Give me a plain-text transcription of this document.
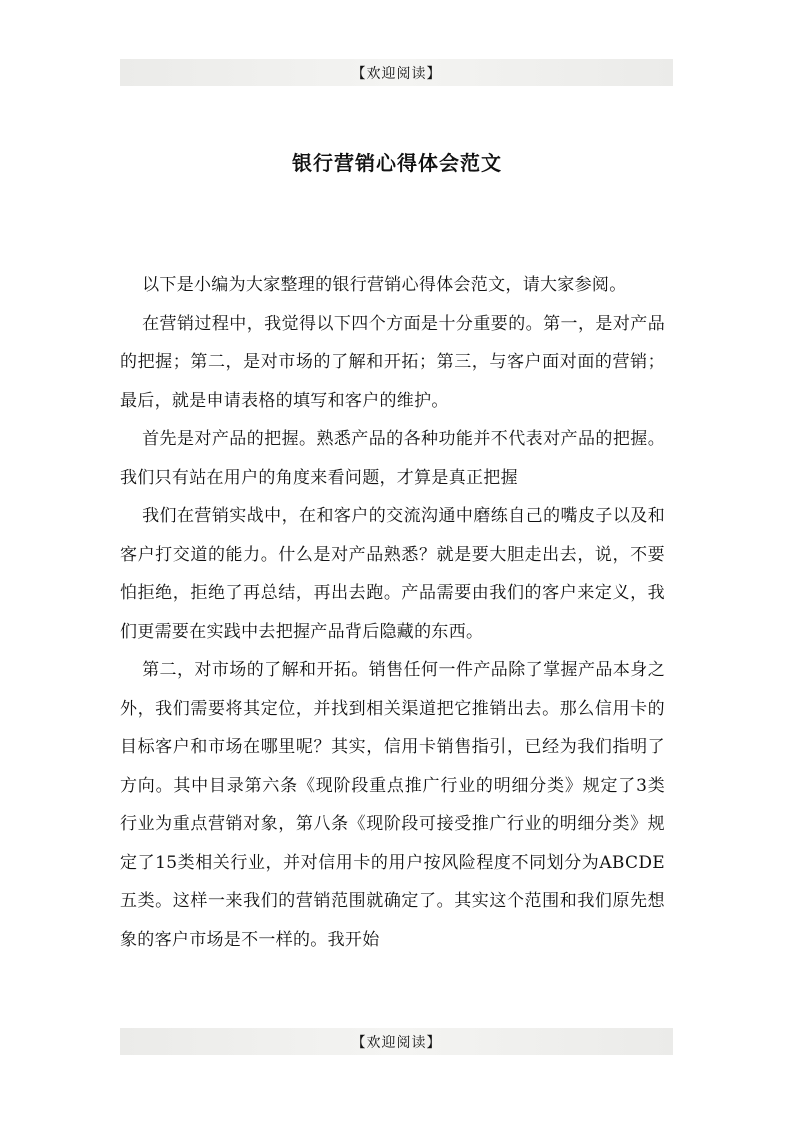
【欢迎阅读】
银行营销心得体会范文

以下是小编为大家整理的银行营销心得体会范文，请大家参阅。

在营销过程中，我觉得以下四个方面是十分重要的。第一，是对产品的把握；第二，是对市场的了解和开拓；第三，与客户面对面的营销；最后，就是申请表格的填写和客户的维护。

首先是对产品的把握。熟悉产品的各种功能并不代表对产品的把握。我们只有站在用户的角度来看问题，才算是真正把握

我们在营销实战中，在和客户的交流沟通中磨练自己的嘴皮子以及和客户打交道的能力。什么是对产品熟悉？就是要大胆走出去，说，不要怕拒绝，拒绝了再总结，再出去跑。产品需要由我们的客户来定义，我们更需要在实践中去把握产品背后隐藏的东西。

第二，对市场的了解和开拓。销售任何一件产品除了掌握产品本身之外，我们需要将其定位，并找到相关渠道把它推销出去。那么信用卡的目标客户和市场在哪里呢？其实，信用卡销售指引，已经为我们指明了方向。其中目录第六条《现阶段重点推广行业的明细分类》规定了3类行业为重点营销对象，第八条《现阶段可接受推广行业的明细分类》规定了15类相关行业，并对信用卡的用户按风险程度不同划分为ABCDE五类。这样一来我们的营销范围就确定了。其实这个范围和我们原先想象的客户市场是不一样的。我开始

【欢迎阅读】
